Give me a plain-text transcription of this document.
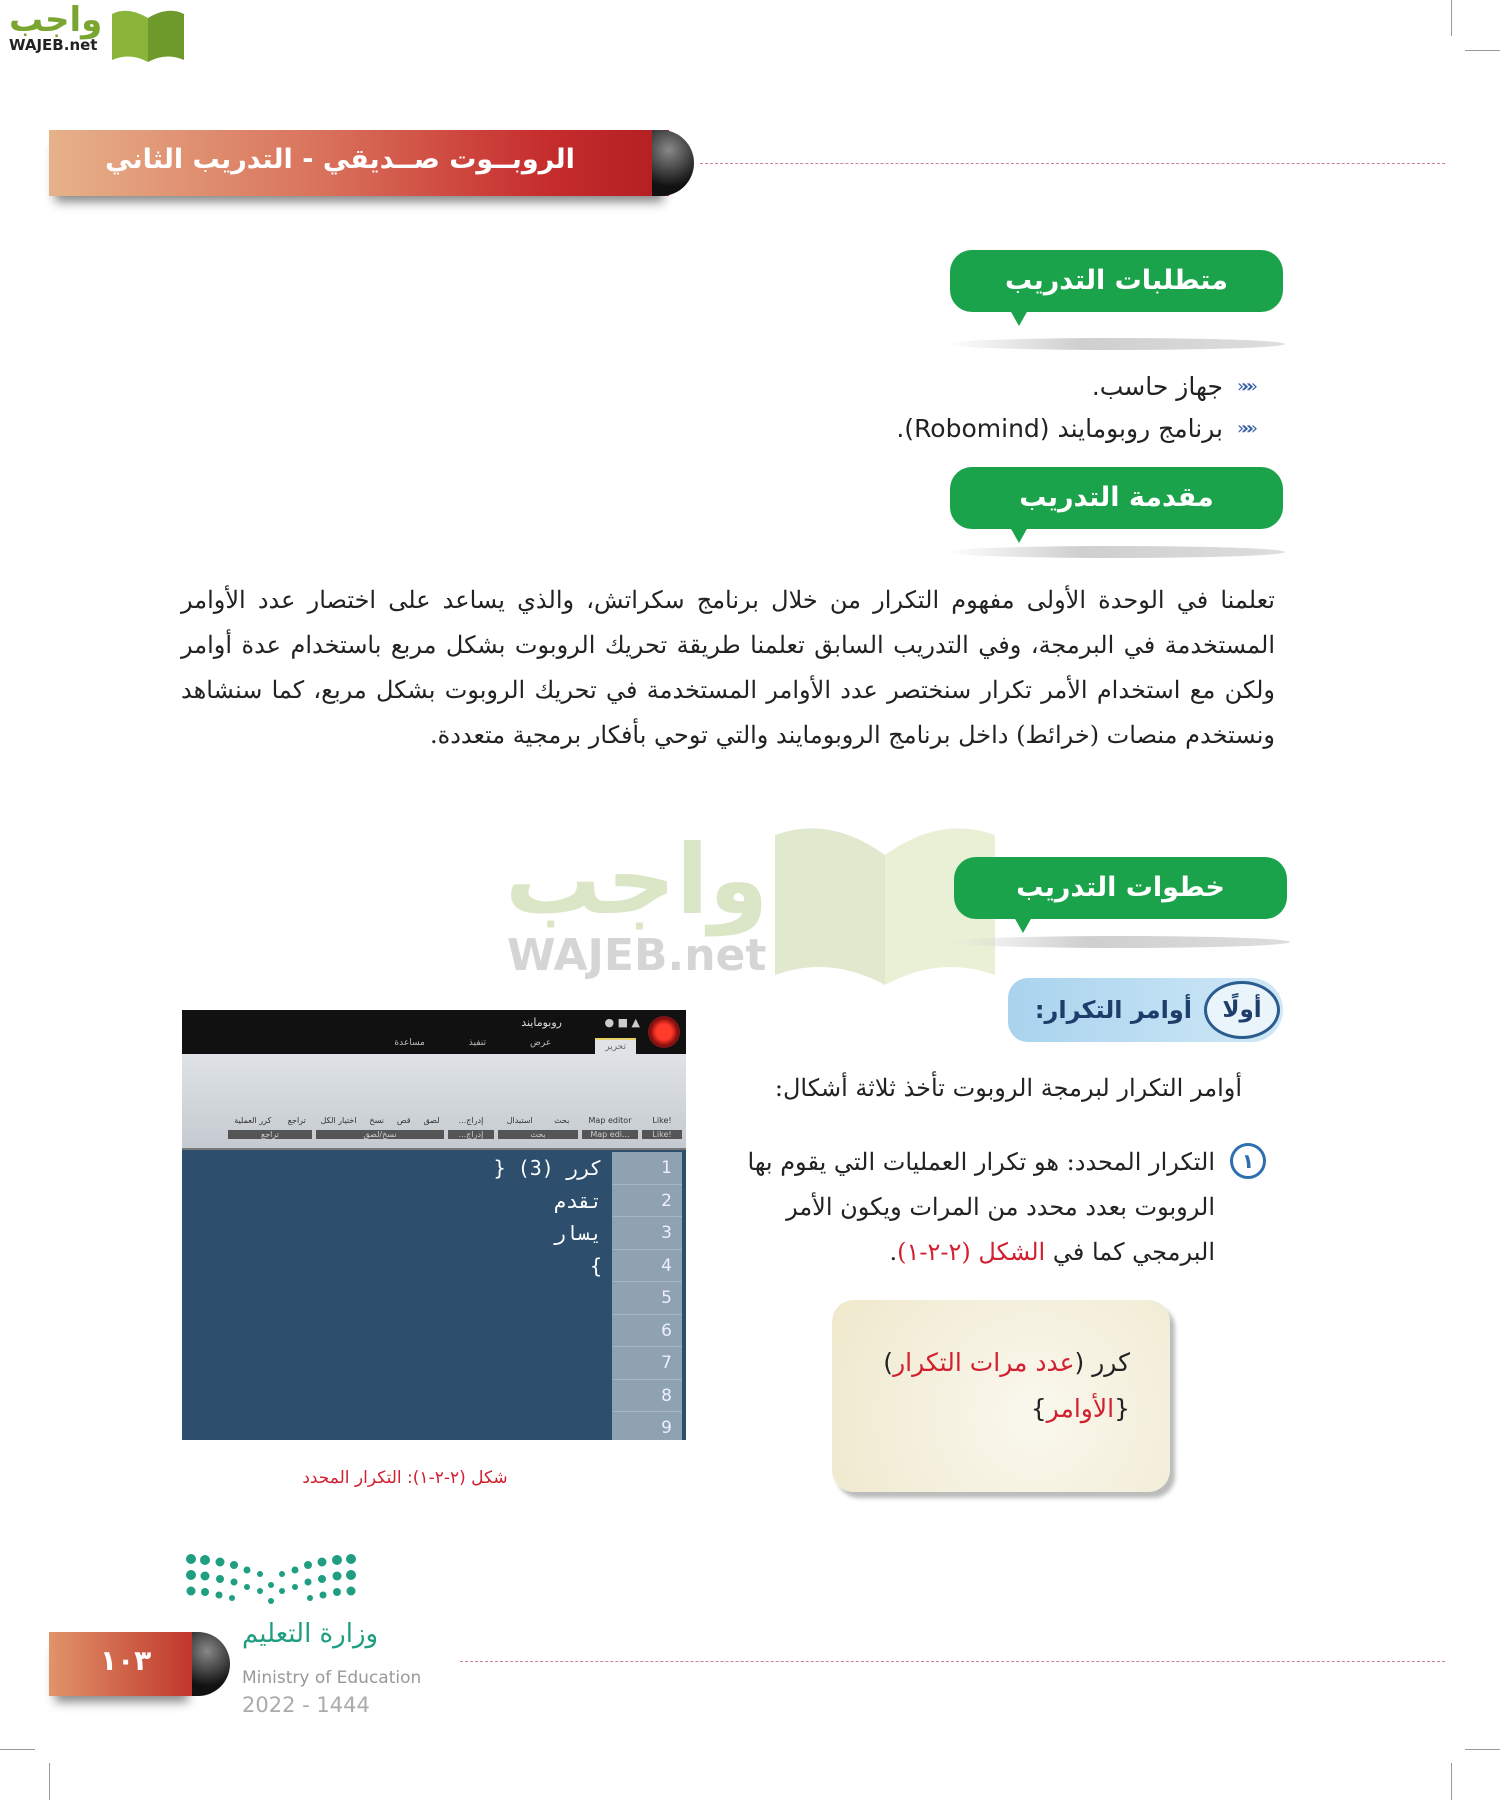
واجب
WAJEB.net
الروبــوت صــديقي - التدريب الثاني
متطلبات التدريب
«««
جهاز حاسب.
«««
برنامج روبومايند (Robomind).
مقدمة التدريب
تعلمنا في الوحدة الأولى مفهوم التكرار من خلال برنامج سكراتش، والذي يساعد على اختصار عدد الأوامر المستخدمة في البرمجة، وفي التدريب السابق تعلمنا طريقة تحريك الروبوت بشكل مربع باستخدام عدة أوامر ولكن مع استخدام الأمر تكرار سنختصر عدد الأوامر المستخدمة في تحريك الروبوت بشكل مربع، كما سنشاهد ونستخدم منصات (خرائط) داخل برنامج الروبومايند والتي توحي بأفكار برمجية متعددة.
واجب
WAJEB.net
خطوات التدريب
أولًا
أوامر التكرار:
أوامر التكرار لبرمجة الروبوت تأخذ ثلاثة أشكال:
١
التكرار المحدد: هو تكرار العمليات التي يقوم بها الروبوت بعدد محدد من المرات ويكون الأمر البرمجي كما في الشكل (٢-٢-١).
كرر (عدد مرات التكرار)
{الأوامر}
● ■ ▲
روبومايند
تحرير
عرض
تنفيذ
مساعدة
تراجع
كرر العملية
تراجع
لصق
قص
نسخ
اختيار الكل
نسخ/لصق
إدراج...
إدراج...
بحث
استبدال
بحث
Map editor
Map edi...
Like!
Like!
1
2
3
4
5
6
7
8
9
كرر (3) {
تقدم
يسار
}
شكل (٢-٢-١): التكرار المحدد
١٠٣
وزارة التعليم
Ministry of Education
2022 - 1444
